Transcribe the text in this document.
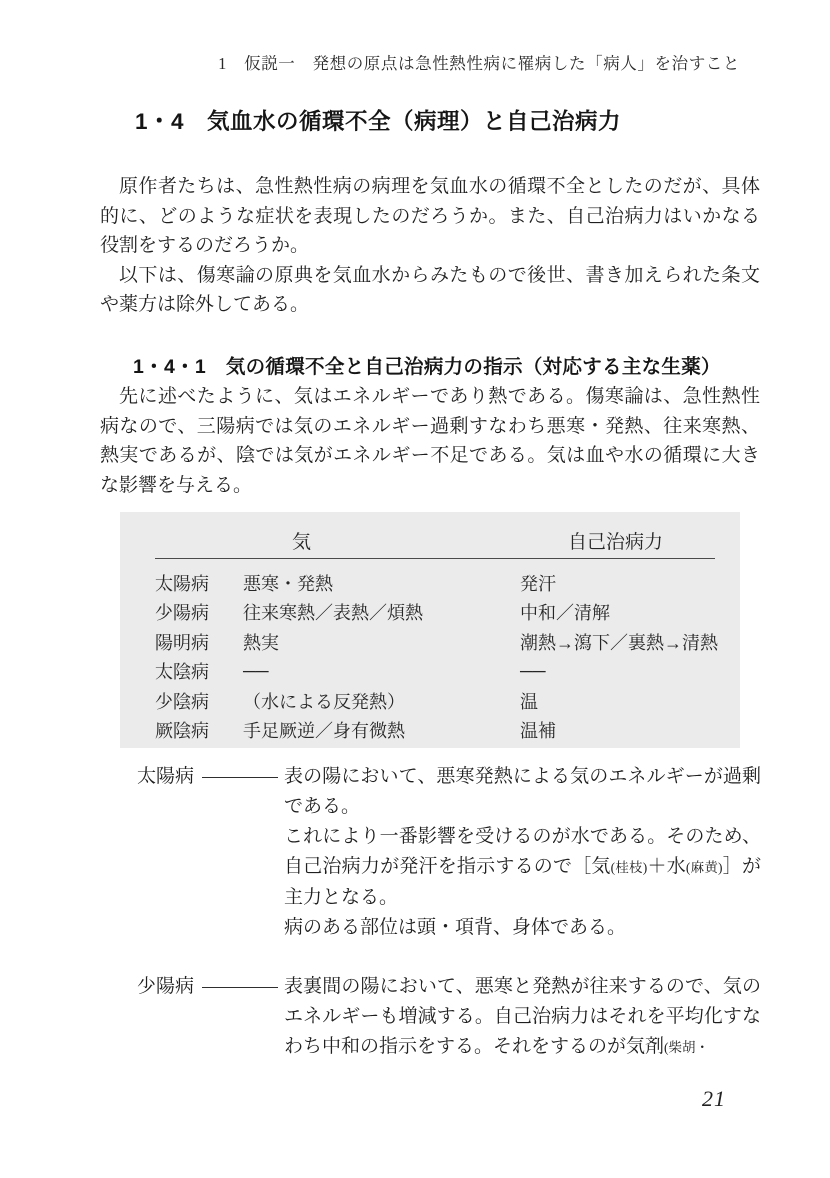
1　仮説一　発想の原点は急性熱性病に罹病した「病人」を治すこと
1・4　気血水の循環不全（病理）と自己治病力

原作者たちは、急性熱性病の病理を気血水の循環不全としたのだが、具体的に、どのような症状を表現したのだろうか。また、自己治病力はいかなる役割をするのだろうか。

以下は、傷寒論の原典を気血水からみたもので後世、書き加えられた条文や薬方は除外してある。

1・4・1　気の循環不全と自己治病力の指示（対応する主な生薬）

先に述べたように、気はエネルギーであり熱である。傷寒論は、急性熱性病なので、三陽病では気のエネルギー過剰すなわち悪寒・発熱、往来寒熱、熱実であるが、陰では気がエネルギー不足である。気は血や水の循環に大きな影響を与える。

気	自己治病力
太陽病	悪寒・発熱	発汗
少陽病	往来寒熱／表熱／煩熱	中和／清解
陽明病	熱実	潮熱→瀉下／裏熱→清熱
太陰病	──	──
少陰病	（水による反発熱）	温
厥陰病	手足厥逆／身有微熱	温補
太陽病	表の陽において、悪寒発熱による気のエネルギーが過剰である。

これにより一番影響を受けるのが水である。そのため、自己治病力が発汗を指示するので［気(桂枝)＋水(麻黄)］が主力となる。

病のある部位は頭・項背、身体である。

少陽病	表裏間の陽において、悪寒と発熱が往来するので、気のエネルギーも増減する。自己治病力はそれを平均化すなわち中和の指示をする。それをするのが気剤(柴胡・

21
